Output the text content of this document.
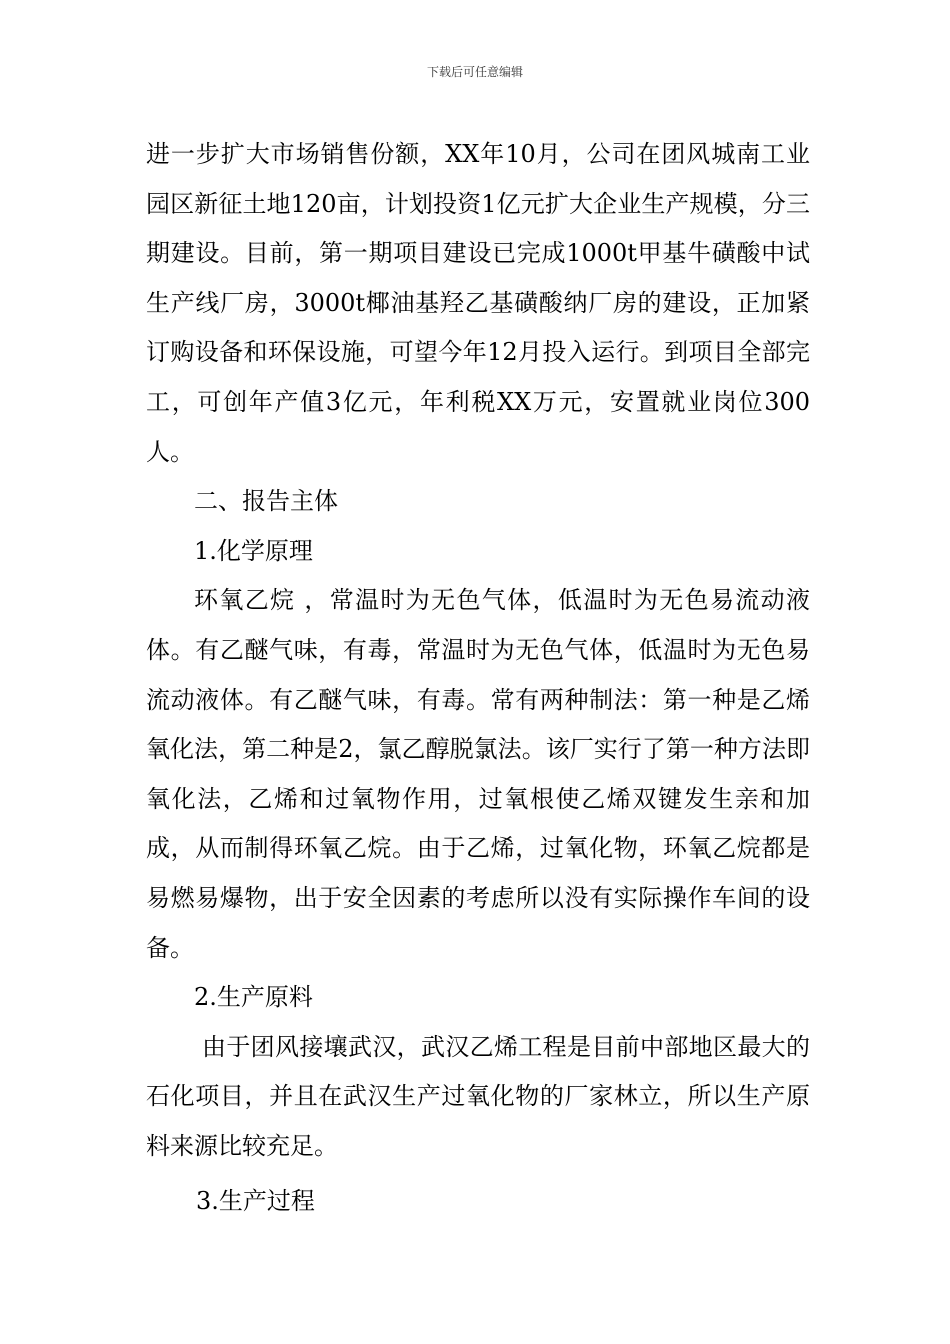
下载后可任意编辑

进一步扩大市场销售份额，XX年10月，公司在团风城南工业园区新征土地120亩，计划投资1亿元扩大企业生产规模，分三期建设。目前，第一期项目建设已完成1000t甲基牛磺酸中试生产线厂房，3000t椰油基羟乙基磺酸纳厂房的建设，正加紧订购设备和环保设施，可望今年12月投入运行。到项目全部完工，可创年产值3亿元，年利税XX万元，安置就业岗位300人。

二、报告主体

1.化学原理

环氧乙烷 ，常温时为无色气体，低温时为无色易流动液体。有乙醚气味，有毒，常温时为无色气体，低温时为无色易流动液体。有乙醚气味，有毒。常有两种制法：第一种是乙烯氧化法，第二种是2，氯乙醇脱氯法。该厂实行了第一种方法即氧化法，乙烯和过氧物作用，过氧根使乙烯双键发生亲和加成，从而制得环氧乙烷。由于乙烯，过氧化物，环氧乙烷都是易燃易爆物，出于安全因素的考虑所以没有实际操作车间的设备。

2.生产原料

由于团风接壤武汉，武汉乙烯工程是目前中部地区最大的石化项目，并且在武汉生产过氧化物的厂家林立，所以生产原料来源比较充足。

3.生产过程
